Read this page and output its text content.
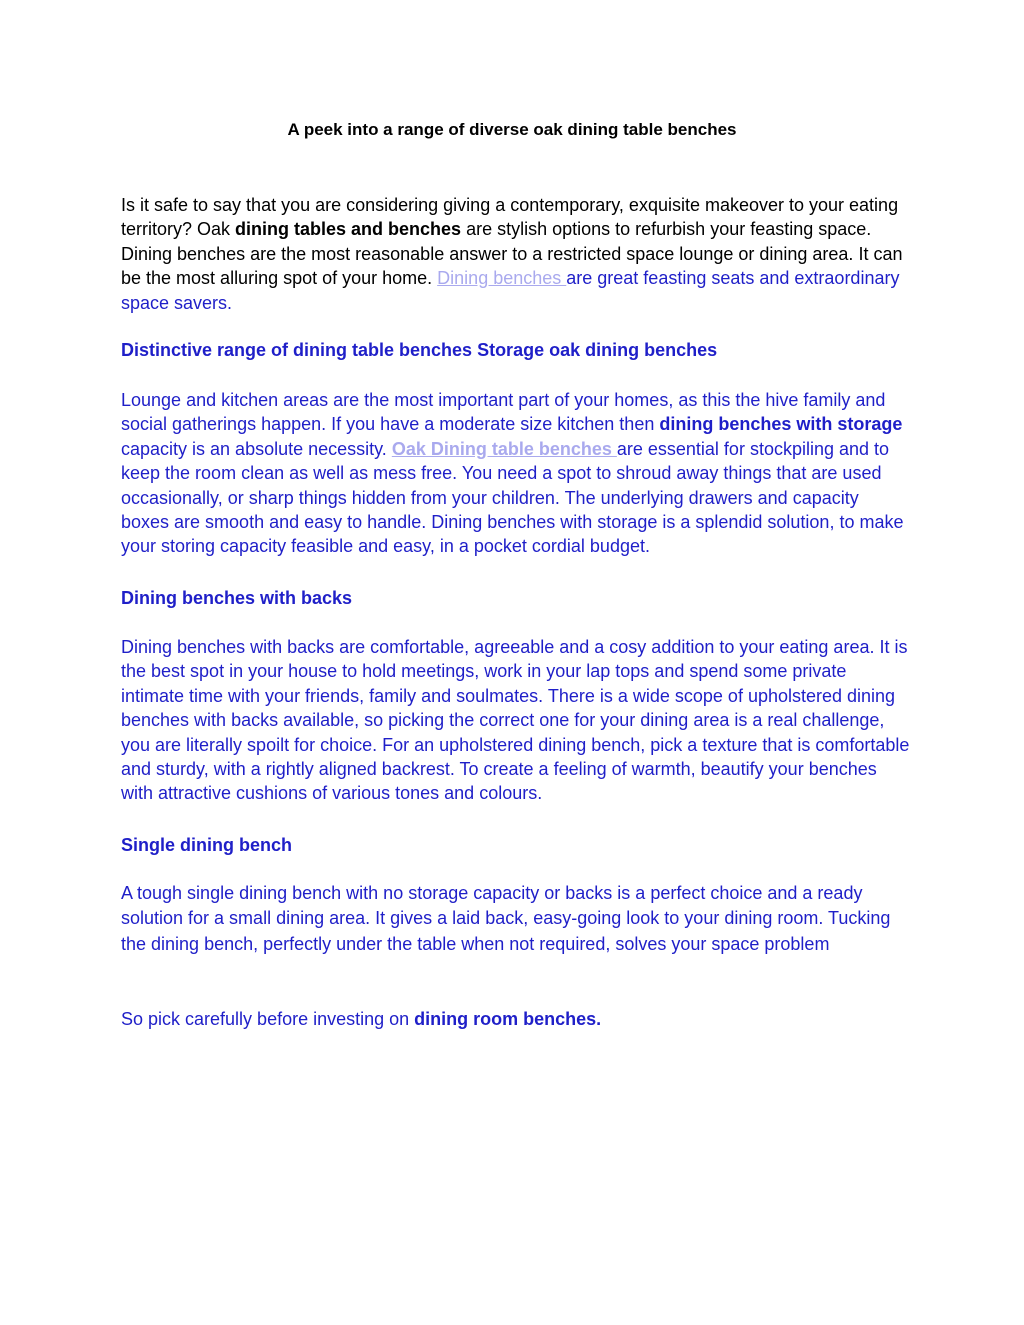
A peek into a range of diverse oak dining table benches

Is it safe to say that you are considering giving a contemporary, exquisite makeover to your eating territory? Oak dining tables and benches are stylish options to refurbish your feasting space. Dining benches are the most reasonable answer to a restricted space lounge or dining area. It can be the most alluring spot of your home. Dining benches are great feasting seats and extraordinary space savers.

Distinctive range of dining table benches Storage oak dining benches

Lounge and kitchen areas are the most important part of your homes, as this the hive family and social gatherings happen. If you have a moderate size kitchen then dining benches with storage capacity is an absolute necessity. Oak Dining table benches are essential for stockpiling and to keep the room clean as well as mess free. You need a spot to shroud away things that are used occasionally, or sharp things hidden from your children. The underlying drawers and capacity boxes are smooth and easy to handle. Dining benches with storage is a splendid solution, to make your storing capacity feasible and easy, in a pocket cordial budget.

Dining benches with backs

Dining benches with backs are comfortable, agreeable and a cosy addition to your eating area. It is the best spot in your house to hold meetings, work in your lap tops and spend some private intimate time with your friends, family and soulmates. There is a wide scope of upholstered dining benches with backs available, so picking the correct one for your dining area is a real challenge, you are literally spoilt for choice. For an upholstered dining bench, pick a texture that is comfortable and sturdy, with a rightly aligned backrest. To create a feeling of warmth, beautify your benches with attractive cushions of various tones and colours.

Single dining bench

A tough single dining bench with no storage capacity or backs is a perfect choice and a ready solution for a small dining area. It gives a laid back, easy-going look to your dining room. Tucking the dining bench, perfectly under the table when not required, solves your space problem

So pick carefully before investing on dining room benches.
